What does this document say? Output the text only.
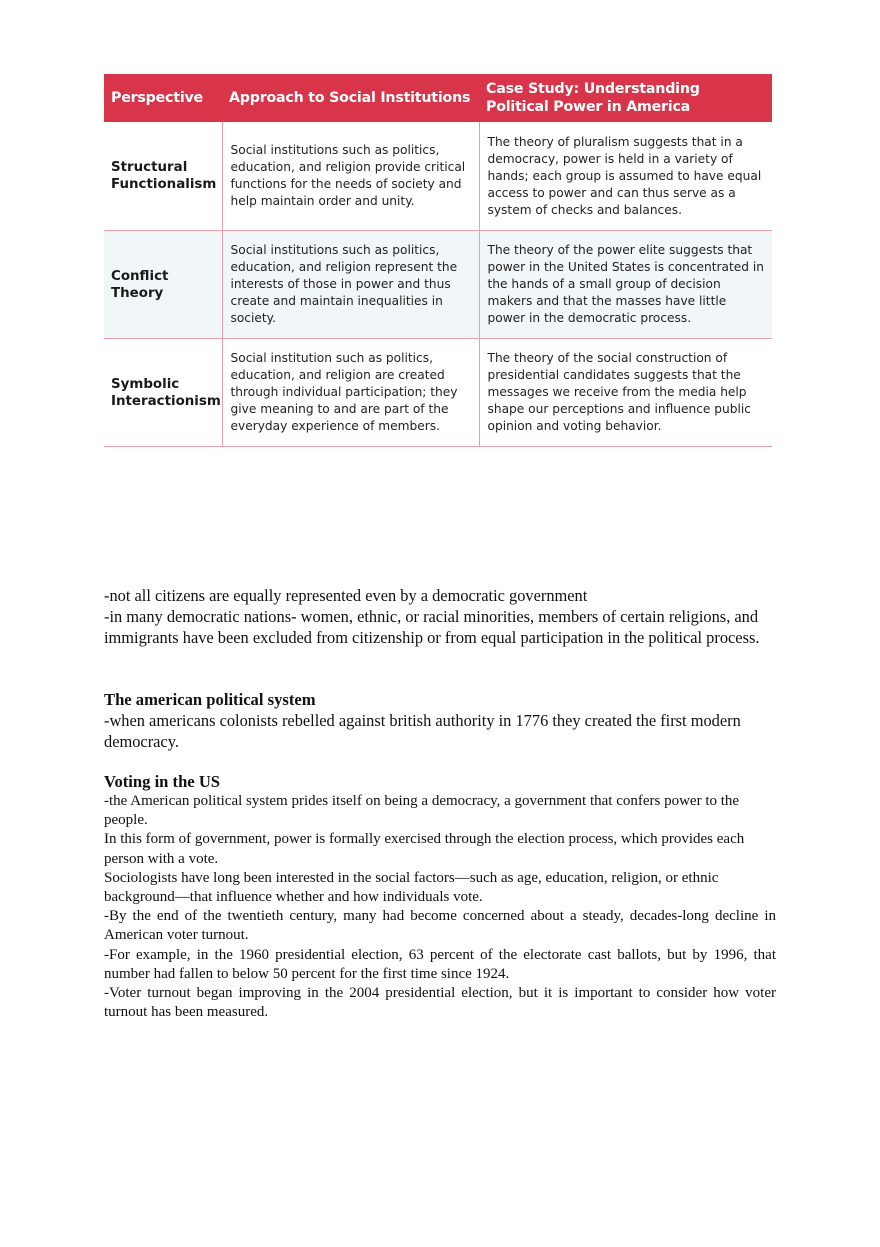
Perspective	Approach to Social Institutions	Case Study: Understanding Political Power in America
Structural Functionalism	Social institutions such as politics, education, and religion provide critical functions for the needs of society and help maintain order and unity.	The theory of pluralism suggests that in a democracy, power is held in a variety of hands; each group is assumed to have equal access to power and can thus serve as a system of checks and balances.
Conflict Theory	Social institutions such as politics, education, and religion represent the interests of those in power and thus create and maintain inequalities in society.	The theory of the power elite suggests that power in the United States is concentrated in the hands of a small group of decision makers and that the masses have little power in the democratic process.
Symbolic Interactionism	Social institution such as politics, education, and religion are created through individual participation; they give meaning to and are part of the everyday experience of members.	The theory of the social construction of presidential candidates suggests that the messages we receive from the media help shape our perceptions and influence public opinion and voting behavior.

-not all citizens are equally represented even by a democratic government

-in many democratic nations- women, ethnic, or racial minorities, members of certain religions, and immigrants have been excluded from citizenship or from equal participation in the political process.

The american political system

-when americans colonists rebelled against british authority in 1776 they created the first modern democracy.

Voting in the US

-the American political system prides itself on being a democracy, a government that confers power to the people.

In this form of government, power is formally exercised through the election process, which provides each person with a vote.

Sociologists have long been interested in the social factors—such as age, education, religion, or ethnic background—that influence whether and how individuals vote.

-By the end of the twentieth century, many had become concerned about a steady, decades-long decline in American voter turnout.

-For example, in the 1960 presidential election, 63 percent of the electorate cast ballots, but by 1996, that number had fallen to below 50 percent for the first time since 1924.

-Voter turnout began improving in the 2004 presidential election, but it is important to consider how voter turnout has been measured.
